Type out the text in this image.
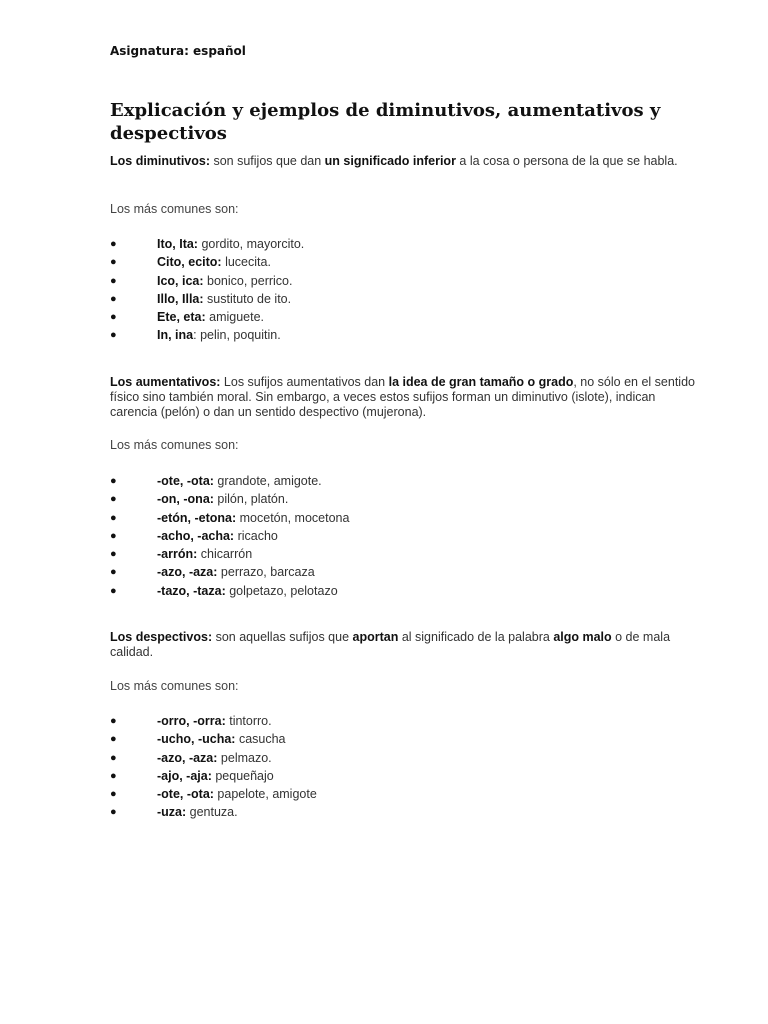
Asignatura: español
Explicación y ejemplos de diminutivos, aumentativos y despectivos

Los diminutivos: son sufijos que dan un significado inferior a la cosa o persona de la que se habla.

Los más comunes son:

●	Ito, Ita: gordito, mayorcito.
●	Cito, ecito: lucecita.
●	Ico, ica: bonico, perrico.
●	Illo, Illa: sustituto de ito.
●	Ete, eta: amiguete.
●	In, ina: pelin, poquitin.

Los aumentativos: Los sufijos aumentativos dan la idea de gran tamaño o grado, no sólo en el sentido físico sino también moral. Sin embargo, a veces estos sufijos forman un diminutivo (islote), indican carencia (pelón) o dan un sentido despectivo (mujerona).

Los más comunes son:

●	-ote, -ota: grandote, amigote.
●	-on, -ona: pilón, platón.
●	-etón, -etona: mocetón, mocetona
●	-acho, -acha: ricacho
●	-arrón: chicarrón
●	-azo, -aza: perrazo, barcaza
●	-tazo, -taza: golpetazo, pelotazo

Los despectivos: son aquellas sufijos que aportan al significado de la palabra algo malo o de mala calidad.

Los más comunes son:

●	-orro, -orra: tintorro.
●	-ucho, -ucha: casucha
●	-azo, -aza: pelmazo.
●	-ajo, -aja: pequeñajo
●	-ote, -ota: papelote, amigote
●	-uza: gentuza.
